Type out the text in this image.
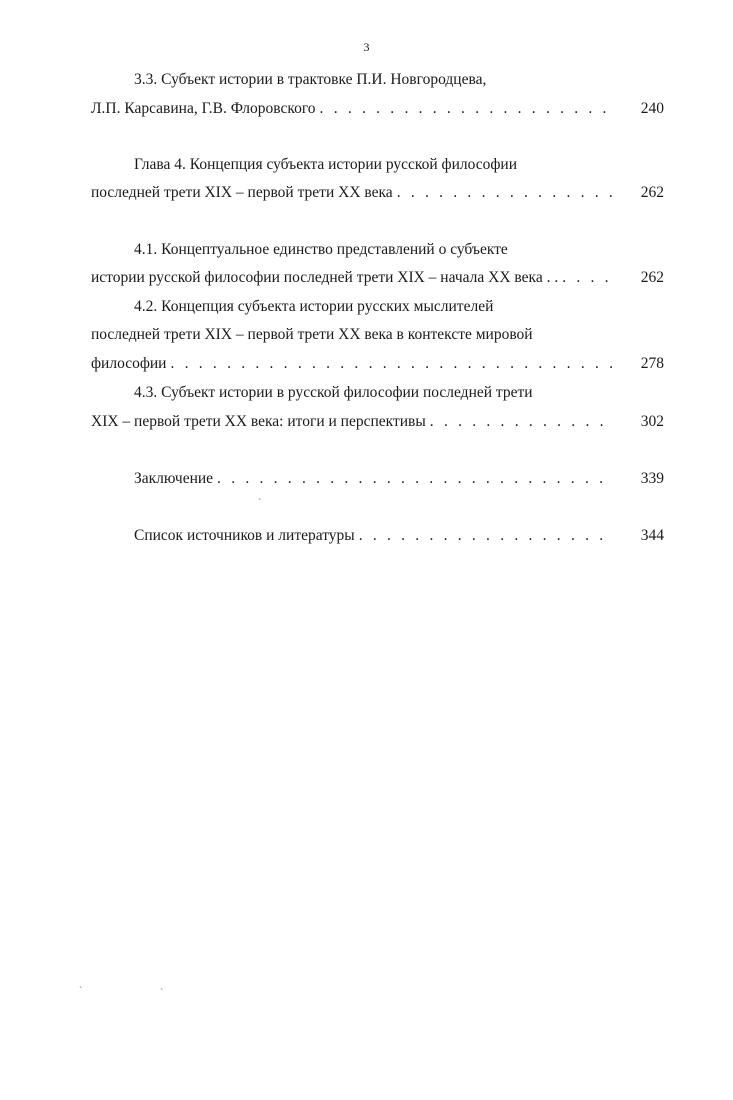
3
3.3. Субъект истории в трактовке П.И. Новгородцева,
Л.П. Карсавина, Г.В. Флоровского . . .	240
Глава 4. Концепция субъекта истории русской философии
последней трети XIX – первой трети XX века . . .	262
4.1. Концептуальное единство представлений о субъекте
истории русской философии последней трети XIX – начала XX века . . . . .	262
4.2. Концепция субъекта истории русских мыслителей
последней трети XIX – первой трети XX века в контексте мировой
философии . . .	278
4.3. Субъект истории в русской философии последней трети
XIX – первой трети XX века: итоги и перспективы . . .	302
Заключение . . .	339
Список источников и литературы . . .	344
ˋ
ˋ	ˋ
